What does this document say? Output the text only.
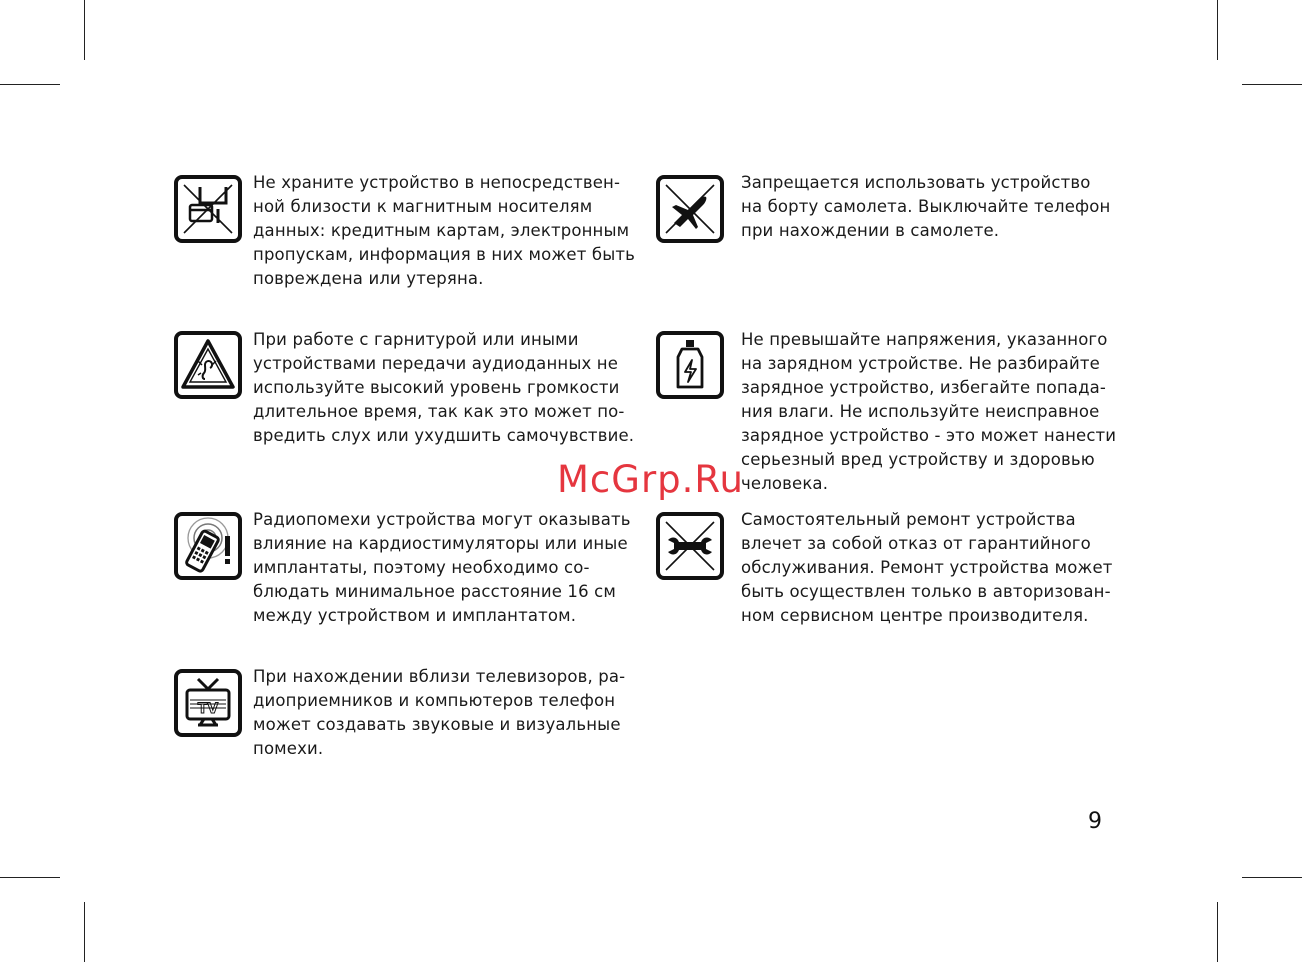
Не храните устройство в непосредствен-
ной близости к магнитным носителям
данных: кредитным картам, электронным
пропускам, информация в них может быть
повреждена или утеряна.
Запрещается использовать устройство
на борту самолета. Выключайте телефон
при нахождении в самолете.
При работе с гарнитурой или иными
устройствами передачи аудиоданных не
используйте высокий уровень громкости
длительное время, так как это может по-
вредить слух или ухудшить самочувствие.
Не превышайте напряжения, указанного
на зарядном устройстве. Не разбирайте
зарядное устройство, избегайте попада-
ния влаги. Не используйте неисправное
зарядное устройство - это может нанести
серьезный вред устройству и здоровью
человека.
Радиопомехи устройства могут оказывать
влияние на кардиостимуляторы или иные
имплантаты, поэтому необходимо со-
блюдать минимальное расстояние 16 см
между устройством и имплантатом.
Самостоятельный ремонт устройства
влечет за собой отказ от гарантийного
обслуживания. Ремонт устройства может
быть осуществлен только в авторизован-
ном сервисном центре производителя.
TV
При нахождении вблизи телевизоров, ра-
диоприемников и компьютеров телефон
может создавать звуковые и визуальные
помехи.
McGrp.Ru
9
